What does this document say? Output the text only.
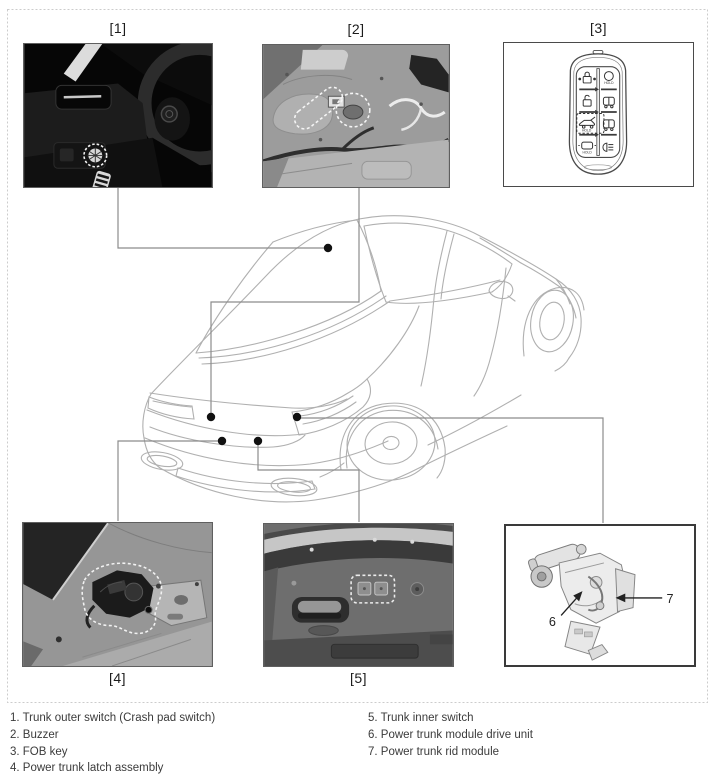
[1]	[2]	[3]
[4]	[5]
HOLD
HOLD
HOLD
6
7
1. Trunk outer switch (Crash pad switch)
2. Buzzer
3. FOB key
4. Power trunk latch assembly
5. Trunk inner switch
6. Power trunk module drive unit
7. Power trunk rid module
